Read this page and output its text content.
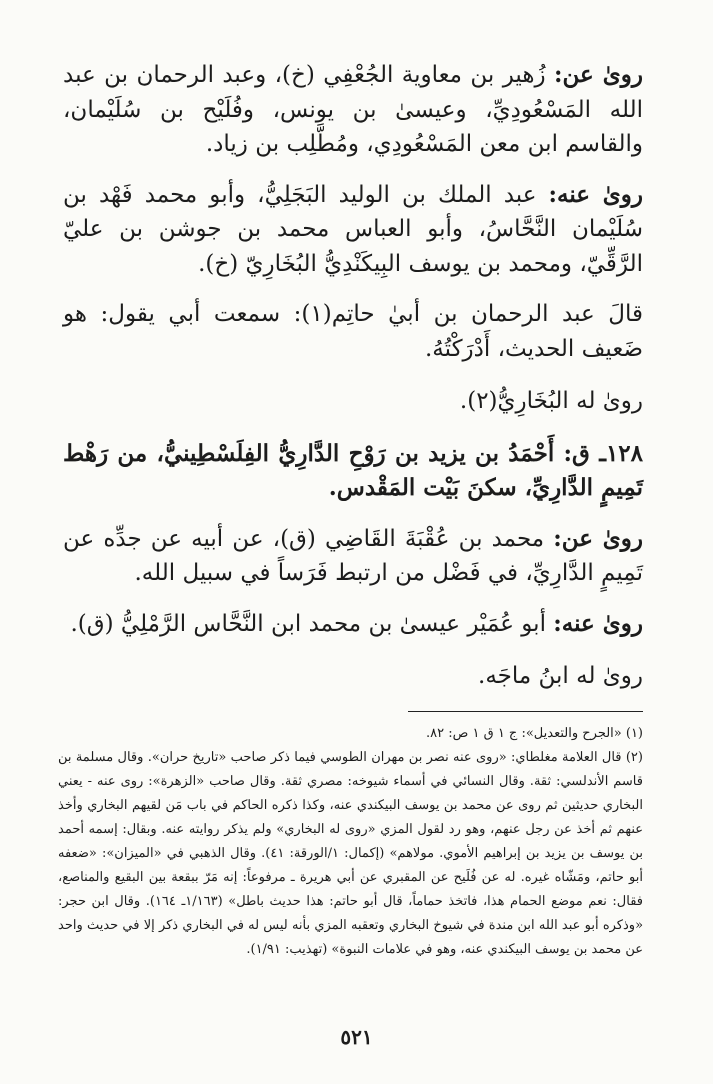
روىٰ عن: زُهير بن معاوية الجُعْفِي (خ)، وعبد الرحمان بن عبد الله المَسْعُودِيِّ، وعيسىٰ بن يونس، وفُلَيْح بن سُلَيْمان، والقاسم ابن معن المَسْعُودِي، ومُطَّلِب بن زياد.

روىٰ عنه: عبد الملك بن الوليد البَجَلِيُّ، وأبو محمد فَهْد بن سُلَيْمان النَّحَّاسُ، وأبو العباس محمد بن جوشن بن عليّ الرَّقِّيّ، ومحمد بن يوسف البِيكَنْدِيُّ البُخَارِيّ (خ).

قالَ عبد الرحمان بن أبيٰ حاتِم(١): سمعت أبي يقول: هو ضَعيف الحديث، أَدْرَكْتُهُ.

روىٰ له البُخَارِيُّ(٢).

١٢٨ـ ق: أَحْمَدُ بن يزيد بن رَوْحِ الدَّارِيُّ الفِلَسْطِينيُّ، من رَهْط تَمِيمٍ الدَّارِيِّ، سكنَ بَيْت المَقْدس.

روىٰ عن: محمد بن عُقْبَةَ القَاضِي (ق)، عن أبيه عن جدِّه عن تَمِيمٍ الدَّارِيِّ، في فَضْل من ارتبط فَرَساً في سبيل الله.

روىٰ عنه: أبو عُمَيْر عيسىٰ بن محمد ابن النَّحَّاس الرَّمْلِيُّ (ق).

روىٰ له ابنُ ماجَه.

(١) «الجرح والتعديل»: ج ١ ق ١ ص: ٨٢.

(٢) قال العلامة مغلطاي: «روى عنه نصر بن مهران الطوسي فيما ذكر صاحب «تاريخ حران». وقال مسلمة بن قاسم الأندلسي: ثقة. وقال النسائي في أسماء شيوخه: مصري ثقة. وقال صاحب «الزهرة»: روى عنه - يعني البخاري حديثين ثم روى عن محمد بن يوسف البيكندي عنه، وكذا ذكره الحاكم في باب مَن لقيهم البخاري وأخذ عنهم ثم أخذ عن رجل عنهم، وهو رد لقول المزي «روى له البخاري» ولم يذكر روايته عنه. وبقال: إسمه أحمد بن يوسف بن يزيد بن إبراهيم الأموي. مولاهم» (إكمال: ١/الورقة: ٤١). وقال الذهبي في «الميزان»: «ضعفه أبو حاتم، ومَشّاه غيره. له عن فُلَيح عن المقبري عن أبي هريرة ـ مرفوعاً: إنه مَرّ ببقعة بين البقيع والمناصع، فقال: نعم موضع الحمام هذا، فاتخذ حماماً، قال أبو حاتم: هذا حديث باطل» (١/١٦٣ـ ١٦٤). وقال ابن حجر: «وذكره أبو عبد الله ابن مندة في شيوخ البخاري وتعقبه المزي بأنه ليس له في البخاري ذكر إلا في حديث واحد عن محمد بن يوسف البيكندي عنه، وهو في علامات النبوة» (تهذيب: ١/٩١).

٥٢١
